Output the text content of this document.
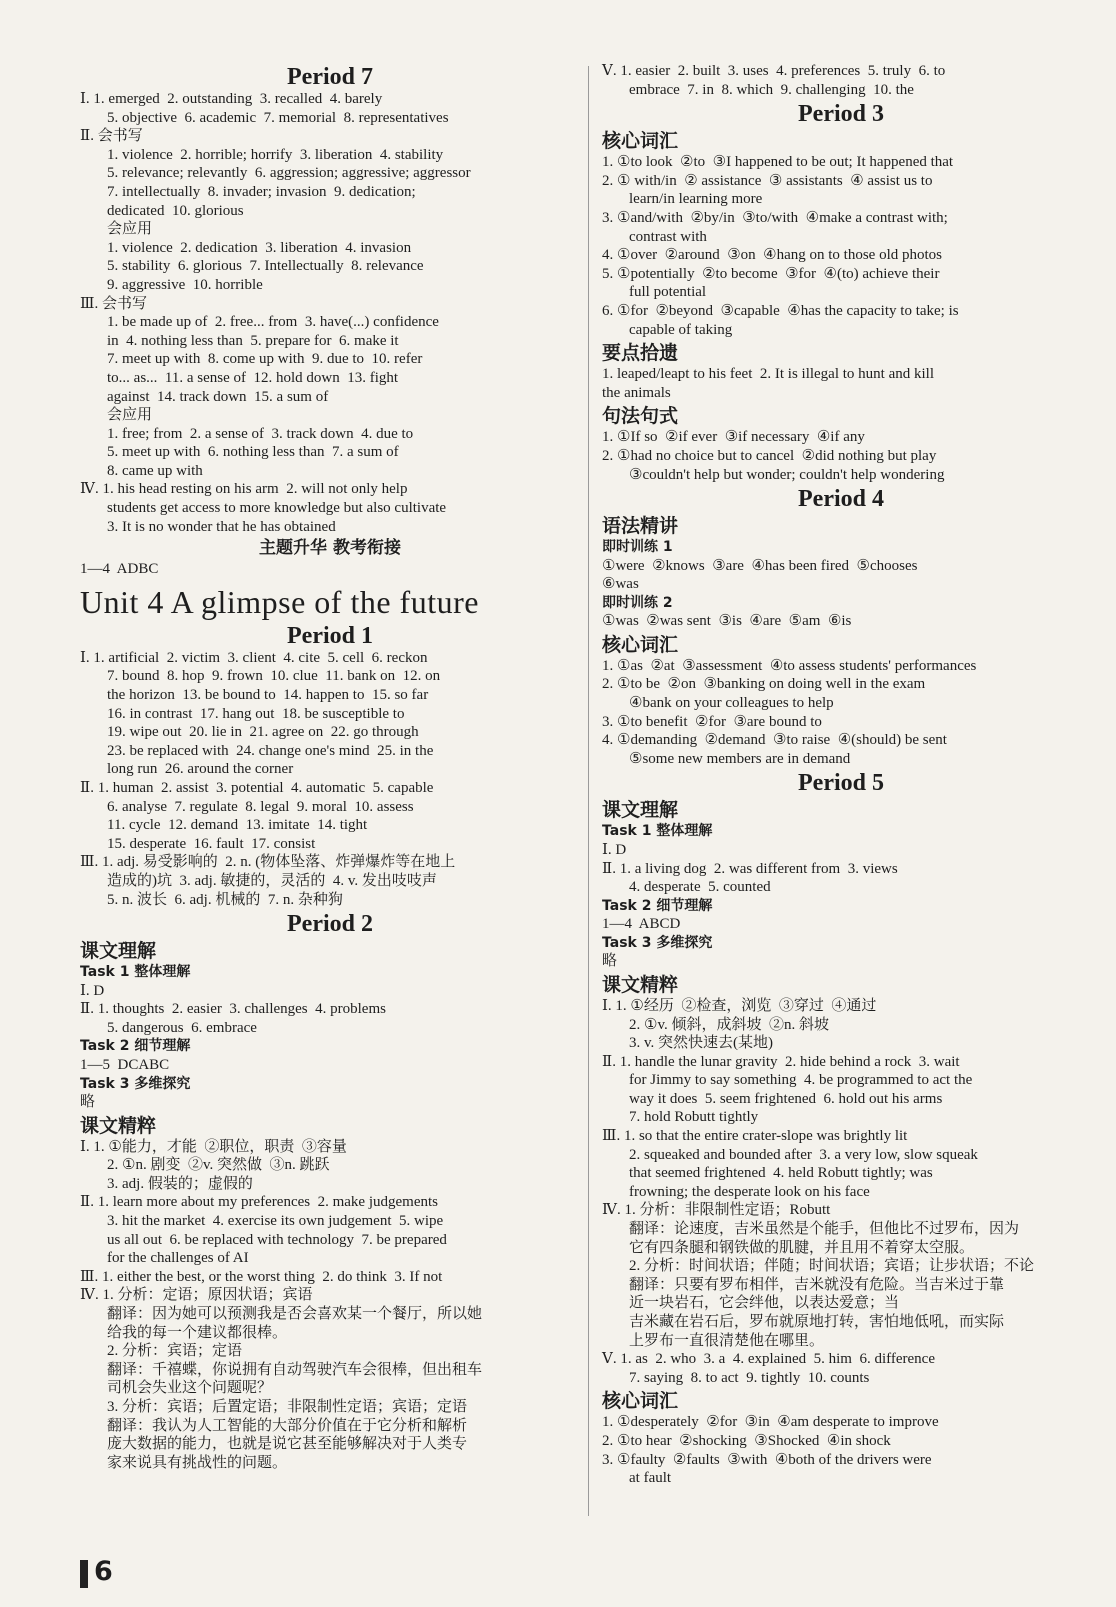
Period 7
Ⅰ. 1. emerged  2. outstanding  3. recalled  4. barely
5. objective  6. academic  7. memorial  8. representatives
Ⅱ. 会书写
1. violence  2. horrible; horrify  3. liberation  4. stability
5. relevance; relevantly  6. aggression; aggressive; aggressor
7. intellectually  8. invader; invasion  9. dedication;
dedicated  10. glorious
会应用
1. violence  2. dedication  3. liberation  4. invasion
5. stability  6. glorious  7. Intellectually  8. relevance
9. aggressive  10. horrible
Ⅲ. 会书写
1. be made up of  2. free... from  3. have(...) confidence
in  4. nothing less than  5. prepare for  6. make it
7. meet up with  8. come up with  9. due to  10. refer
to... as...  11. a sense of  12. hold down  13. fight
against  14. track down  15. a sum of
会应用
1. free; from  2. a sense of  3. track down  4. due to
5. meet up with  6. nothing less than  7. a sum of
8. came up with
Ⅳ. 1. his head resting on his arm  2. will not only help
students get access to more knowledge but also cultivate
3. It is no wonder that he has obtained
主题升华 教考衔接
1—4  ADBC
Unit 4 A glimpse of the future
Period 1
Ⅰ. 1. artificial  2. victim  3. client  4. cite  5. cell  6. reckon
7. bound  8. hop  9. frown  10. clue  11. bank on  12. on
the horizon  13. be bound to  14. happen to  15. so far
16. in contrast  17. hang out  18. be susceptible to
19. wipe out  20. lie in  21. agree on  22. go through
23. be replaced with  24. change one's mind  25. in the
long run  26. around the corner
Ⅱ. 1. human  2. assist  3. potential  4. automatic  5. capable
6. analyse  7. regulate  8. legal  9. moral  10. assess
11. cycle  12. demand  13. imitate  14. tight
15. desperate  16. fault  17. consist
Ⅲ. 1. adj. 易受影响的  2. n. (物体坠落、炸弹爆炸等在地上
造成的)坑  3. adj. 敏捷的，灵活的  4. v. 发出吱吱声
5. n. 波长  6. adj. 机械的  7. n. 杂种狗
Period 2
课文理解
Task 1 整体理解
Ⅰ. D
Ⅱ. 1. thoughts  2. easier  3. challenges  4. problems
5. dangerous  6. embrace
Task 2 细节理解
1—5  DCABC
Task 3 多维探究
略
课文精粹
Ⅰ. 1. ①能力，才能  ②职位，职责  ③容量
2. ①n. 剧变  ②v. 突然做  ③n. 跳跃
3. adj. 假装的；虚假的
Ⅱ. 1. learn more about my preferences  2. make judgements
3. hit the market  4. exercise its own judgement  5. wipe
us all out  6. be replaced with technology  7. be prepared
for the challenges of AI
Ⅲ. 1. either the best, or the worst thing  2. do think  3. If not
Ⅳ. 1. 分析：定语；原因状语；宾语
翻译：因为她可以预测我是否会喜欢某一个餐厅，所以她
给我的每一个建议都很棒。
2. 分析：宾语；定语
翻译：千禧蝶，你说拥有自动驾驶汽车会很棒，但出租车
司机会失业这个问题呢？
3. 分析：宾语；后置定语；非限制性定语；宾语；定语
翻译：我认为人工智能的大部分价值在于它分析和解析
庞大数据的能力，也就是说它甚至能够解决对于人类专
家来说具有挑战性的问题。
Ⅴ. 1. easier  2. built  3. uses  4. preferences  5. truly  6. to
embrace  7. in  8. which  9. challenging  10. the
Period 3
核心词汇
1. ①to look  ②to  ③I happened to be out; It happened that
2. ① with/in  ② assistance  ③ assistants  ④ assist us to
learn/in learning more
3. ①and/with  ②by/in  ③to/with  ④make a contrast with;
contrast with
4. ①over  ②around  ③on  ④hang on to those old photos
5. ①potentially  ②to become  ③for  ④(to) achieve their
full potential
6. ①for  ②beyond  ③capable  ④has the capacity to take; is
capable of taking
要点拾遗
1. leaped/leapt to his feet  2. It is illegal to hunt and kill
the animals
句法句式
1. ①If so  ②if ever  ③if necessary  ④if any
2. ①had no choice but to cancel  ②did nothing but play
③couldn't help but wonder; couldn't help wondering
Period 4
语法精讲
即时训练 1
①were  ②knows  ③are  ④has been fired  ⑤chooses
⑥was
即时训练 2
①was  ②was sent  ③is  ④are  ⑤am  ⑥is
核心词汇
1. ①as  ②at  ③assessment  ④to assess students' performances
2. ①to be  ②on  ③banking on doing well in the exam
④bank on your colleagues to help
3. ①to benefit  ②for  ③are bound to
4. ①demanding  ②demand  ③to raise  ④(should) be sent
⑤some new members are in demand
Period 5
课文理解
Task 1 整体理解
Ⅰ. D
Ⅱ. 1. a living dog  2. was different from  3. views
4. desperate  5. counted
Task 2 细节理解
1—4  ABCD
Task 3 多维探究
略
课文精粹
Ⅰ. 1. ①经历  ②检查，浏览  ③穿过  ④通过
2. ①v. 倾斜，成斜坡  ②n. 斜坡
3. v. 突然快速去(某地)
Ⅱ. 1. handle the lunar gravity  2. hide behind a rock  3. wait
for Jimmy to say something  4. be programmed to act the
way it does  5. seem frightened  6. hold out his arms
7. hold Robutt tightly
Ⅲ. 1. so that the entire crater-slope was brightly lit
2. squeaked and bounded after  3. a very low, slow squeak
that seemed frightened  4. held Robutt tightly; was
frowning; the desperate look on his face
Ⅳ. 1. 分析：非限制性定语；Robutt
翻译：论速度，吉米虽然是个能手，但他比不过罗布，因为
它有四条腿和钢铁做的肌腱，并且用不着穿太空服。
2. 分析：时间状语；伴随；时间状语；宾语；让步状语；不论
翻译：只要有罗布相伴，吉米就没有危险。当吉米过于靠
近一块岩石，它会绊他，以表达爱意；当
吉米藏在岩石后，罗布就原地打转，害怕地低吼，而实际
上罗布一直很清楚他在哪里。
Ⅴ. 1. as  2. who  3. a  4. explained  5. him  6. difference
7. saying  8. to act  9. tightly  10. counts
核心词汇
1. ①desperately  ②for  ③in  ④am desperate to improve
2. ①to hear  ②shocking  ③Shocked  ④in shock
3. ①faulty  ②faults  ③with  ④both of the drivers were
at fault
6
